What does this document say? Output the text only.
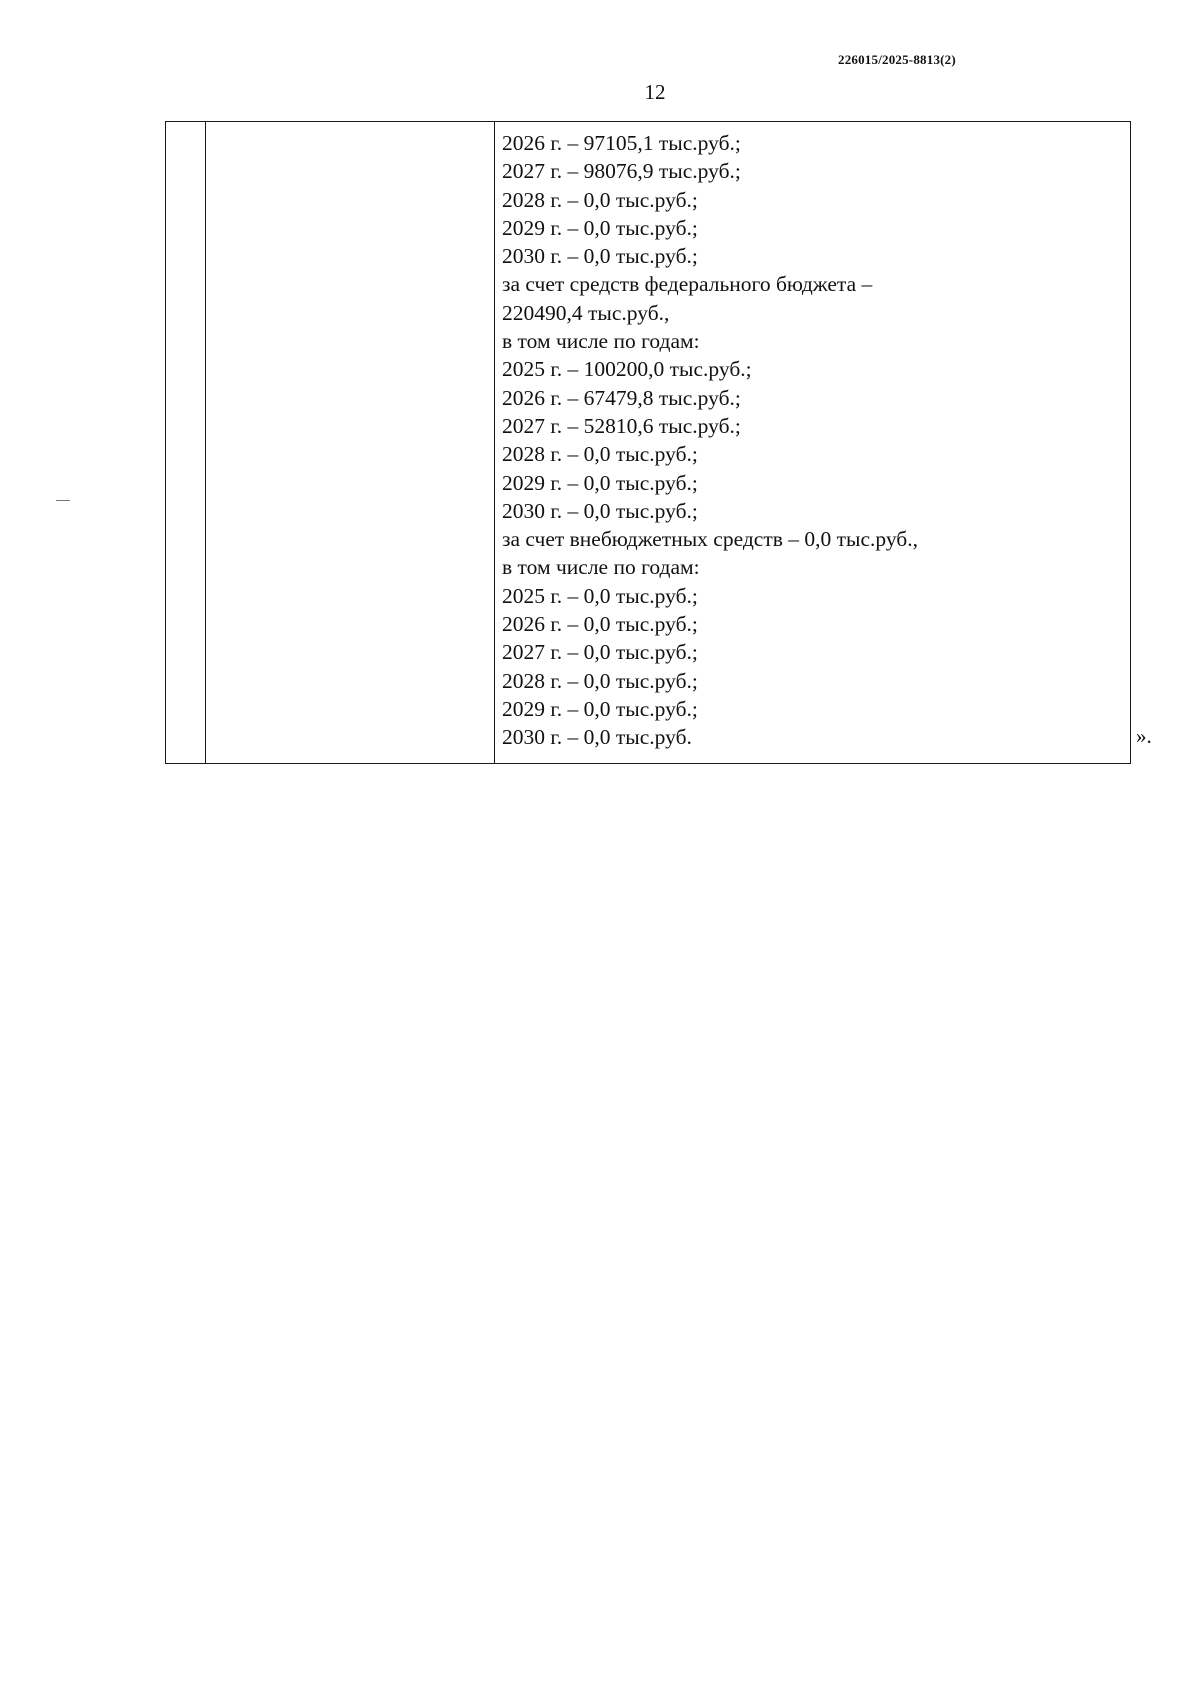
226015/2025-8813(2)
12
2026 г. – 97105,1 тыс.руб.;
2027 г. – 98076,9 тыс.руб.;
2028 г. – 0,0 тыс.руб.;
2029 г. – 0,0 тыс.руб.;
2030 г. – 0,0 тыс.руб.;
за счет средств федерального бюджета –
220490,4 тыс.руб.,
в том числе по годам:
2025 г. – 100200,0 тыс.руб.;
2026 г. – 67479,8 тыс.руб.;
2027 г. – 52810,6 тыс.руб.;
2028 г. – 0,0 тыс.руб.;
2029 г. – 0,0 тыс.руб.;
2030 г. – 0,0 тыс.руб.;
за счет внебюджетных средств – 0,0 тыс.руб.,
в том числе по годам:
2025 г. – 0,0 тыс.руб.;
2026 г. – 0,0 тыс.руб.;
2027 г. – 0,0 тыс.руб.;
2028 г. – 0,0 тыс.руб.;
2029 г. – 0,0 тыс.руб.;
2030 г. – 0,0 тыс.руб.	».
